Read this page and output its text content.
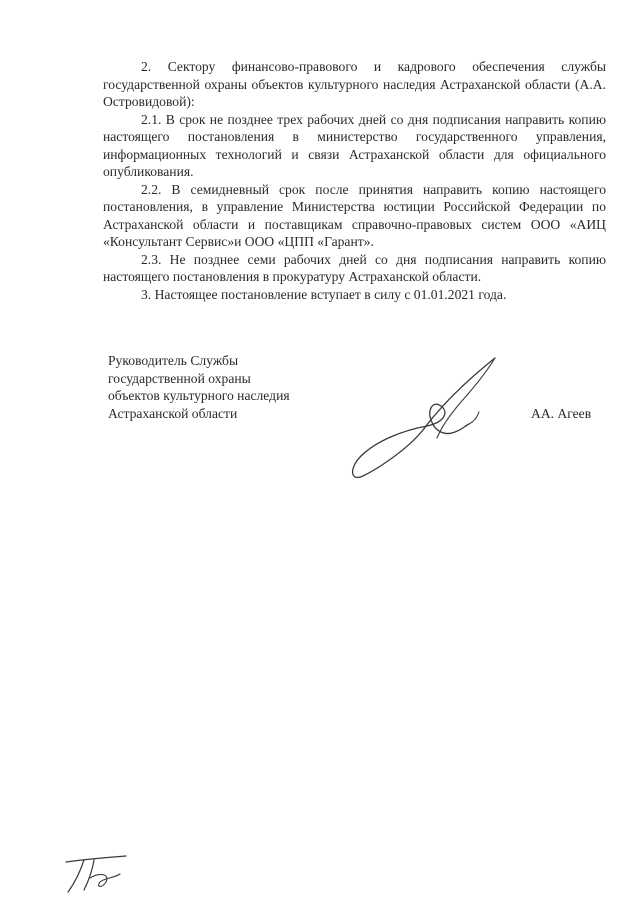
2. Сектору финансово-правового и кадрового обеспечения службы государственной охраны объектов культурного наследия Астраханской области (А.А. Островидовой):

2.1. В срок не позднее трех рабочих дней со дня подписания направить копию настоящего постановления в министерство государственного управления, информационных технологий и связи Астраханской области для официального опубликования.

2.2. В семидневный срок после принятия направить копию настоящего постановления, в управление Министерства юстиции Российской Федерации по Астраханской области и поставщикам справочно-правовых систем ООО «АИЦ «Консультант Сервис»и ООО «ЦПП «Гарант».

2.3. Не позднее семи рабочих дней со дня подписания направить копию настоящего постановления в прокуратуру Астраханской области.

3. Настоящее постановление вступает в силу с 01.01.2021 года.

Руководитель Службы
государственной охраны
объектов культурного наследия
Астраханской области	АА. Агеев
